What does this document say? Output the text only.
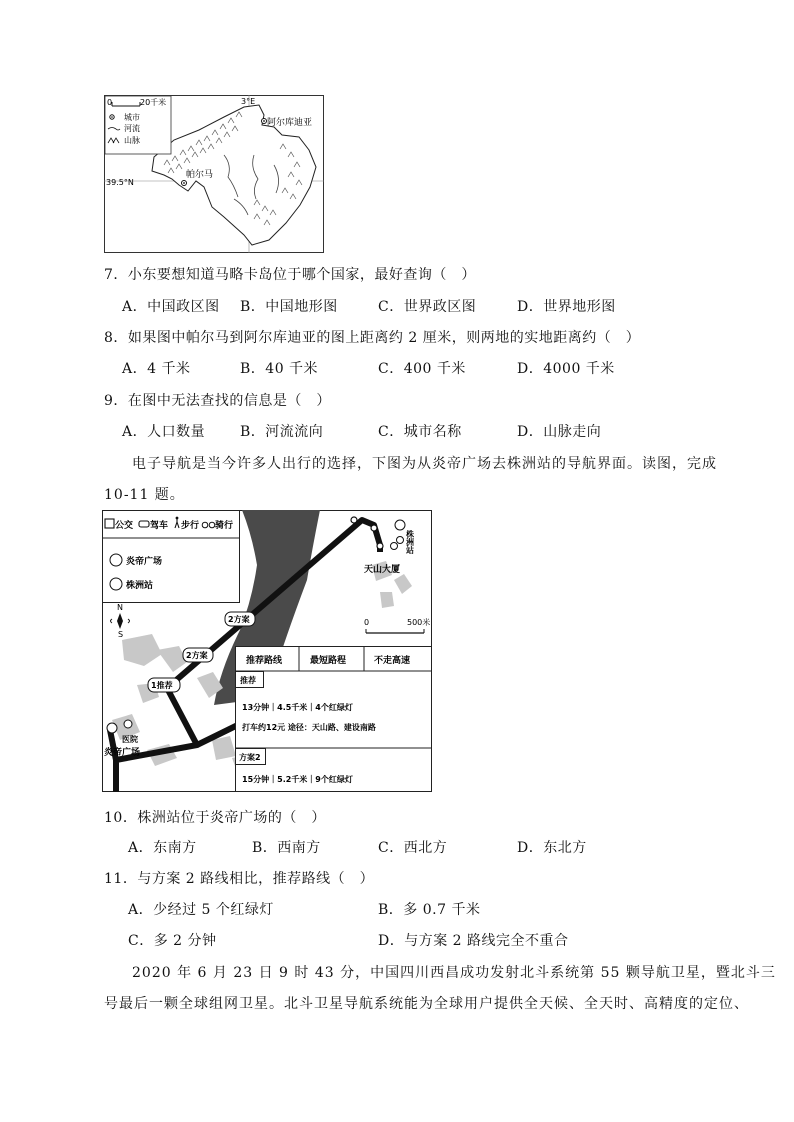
阿尔库迪亚
帕尔马
39.5°N
3°E
0	20千米
城市
河流
山脉
7．小东要想知道马略卡岛位于哪个国家，最好查询（　）
A．中国政区图 B．中国地形图	C．世界政区图	D．世界地形图
8．如果图中帕尔马到阿尔库迪亚的图上距离约 2 厘米，则两地的实地距离约（　）
A．4 千米	B．40 千米	C．400 千米	D．4000 千米
9．在图中无法查找的信息是（　）
A．人口数量 B．河流流向	C．城市名称	D．山脉走向
电子导航是当今许多人出行的选择，下图为从炎帝广场去株洲站的导航界面。读图，完成
10-11 题。
公交 驾车 步行 骑行
炎帝广场
株洲站
N
S
0	500米
株洲站
天山大厦
2方案
2方案
1推荐
医院
炎帝广场
推荐路线	最短路程	不走高速
推荐
13分钟｜4.5千米｜4个红绿灯
打车约12元 途径：天山路、建设南路
方案2
15分钟｜5.2千米｜9个红绿灯
10．株洲站位于炎帝广场的（　）
A．东南方	B．西南方	C．西北方	D．东北方
11．与方案 2 路线相比，推荐路线（　）
A．少经过 5 个红绿灯	B．多 0.7 千米
C．多 2 分钟	D．与方案 2 路线完全不重合
2020 年 6 月 23 日 9 时 43 分，中国四川西昌成功发射北斗系统第 55 颗导航卫星，暨北斗三
号最后一颗全球组网卫星。北斗卫星导航系统能为全球用户提供全天候、全天时、高精度的定位、
